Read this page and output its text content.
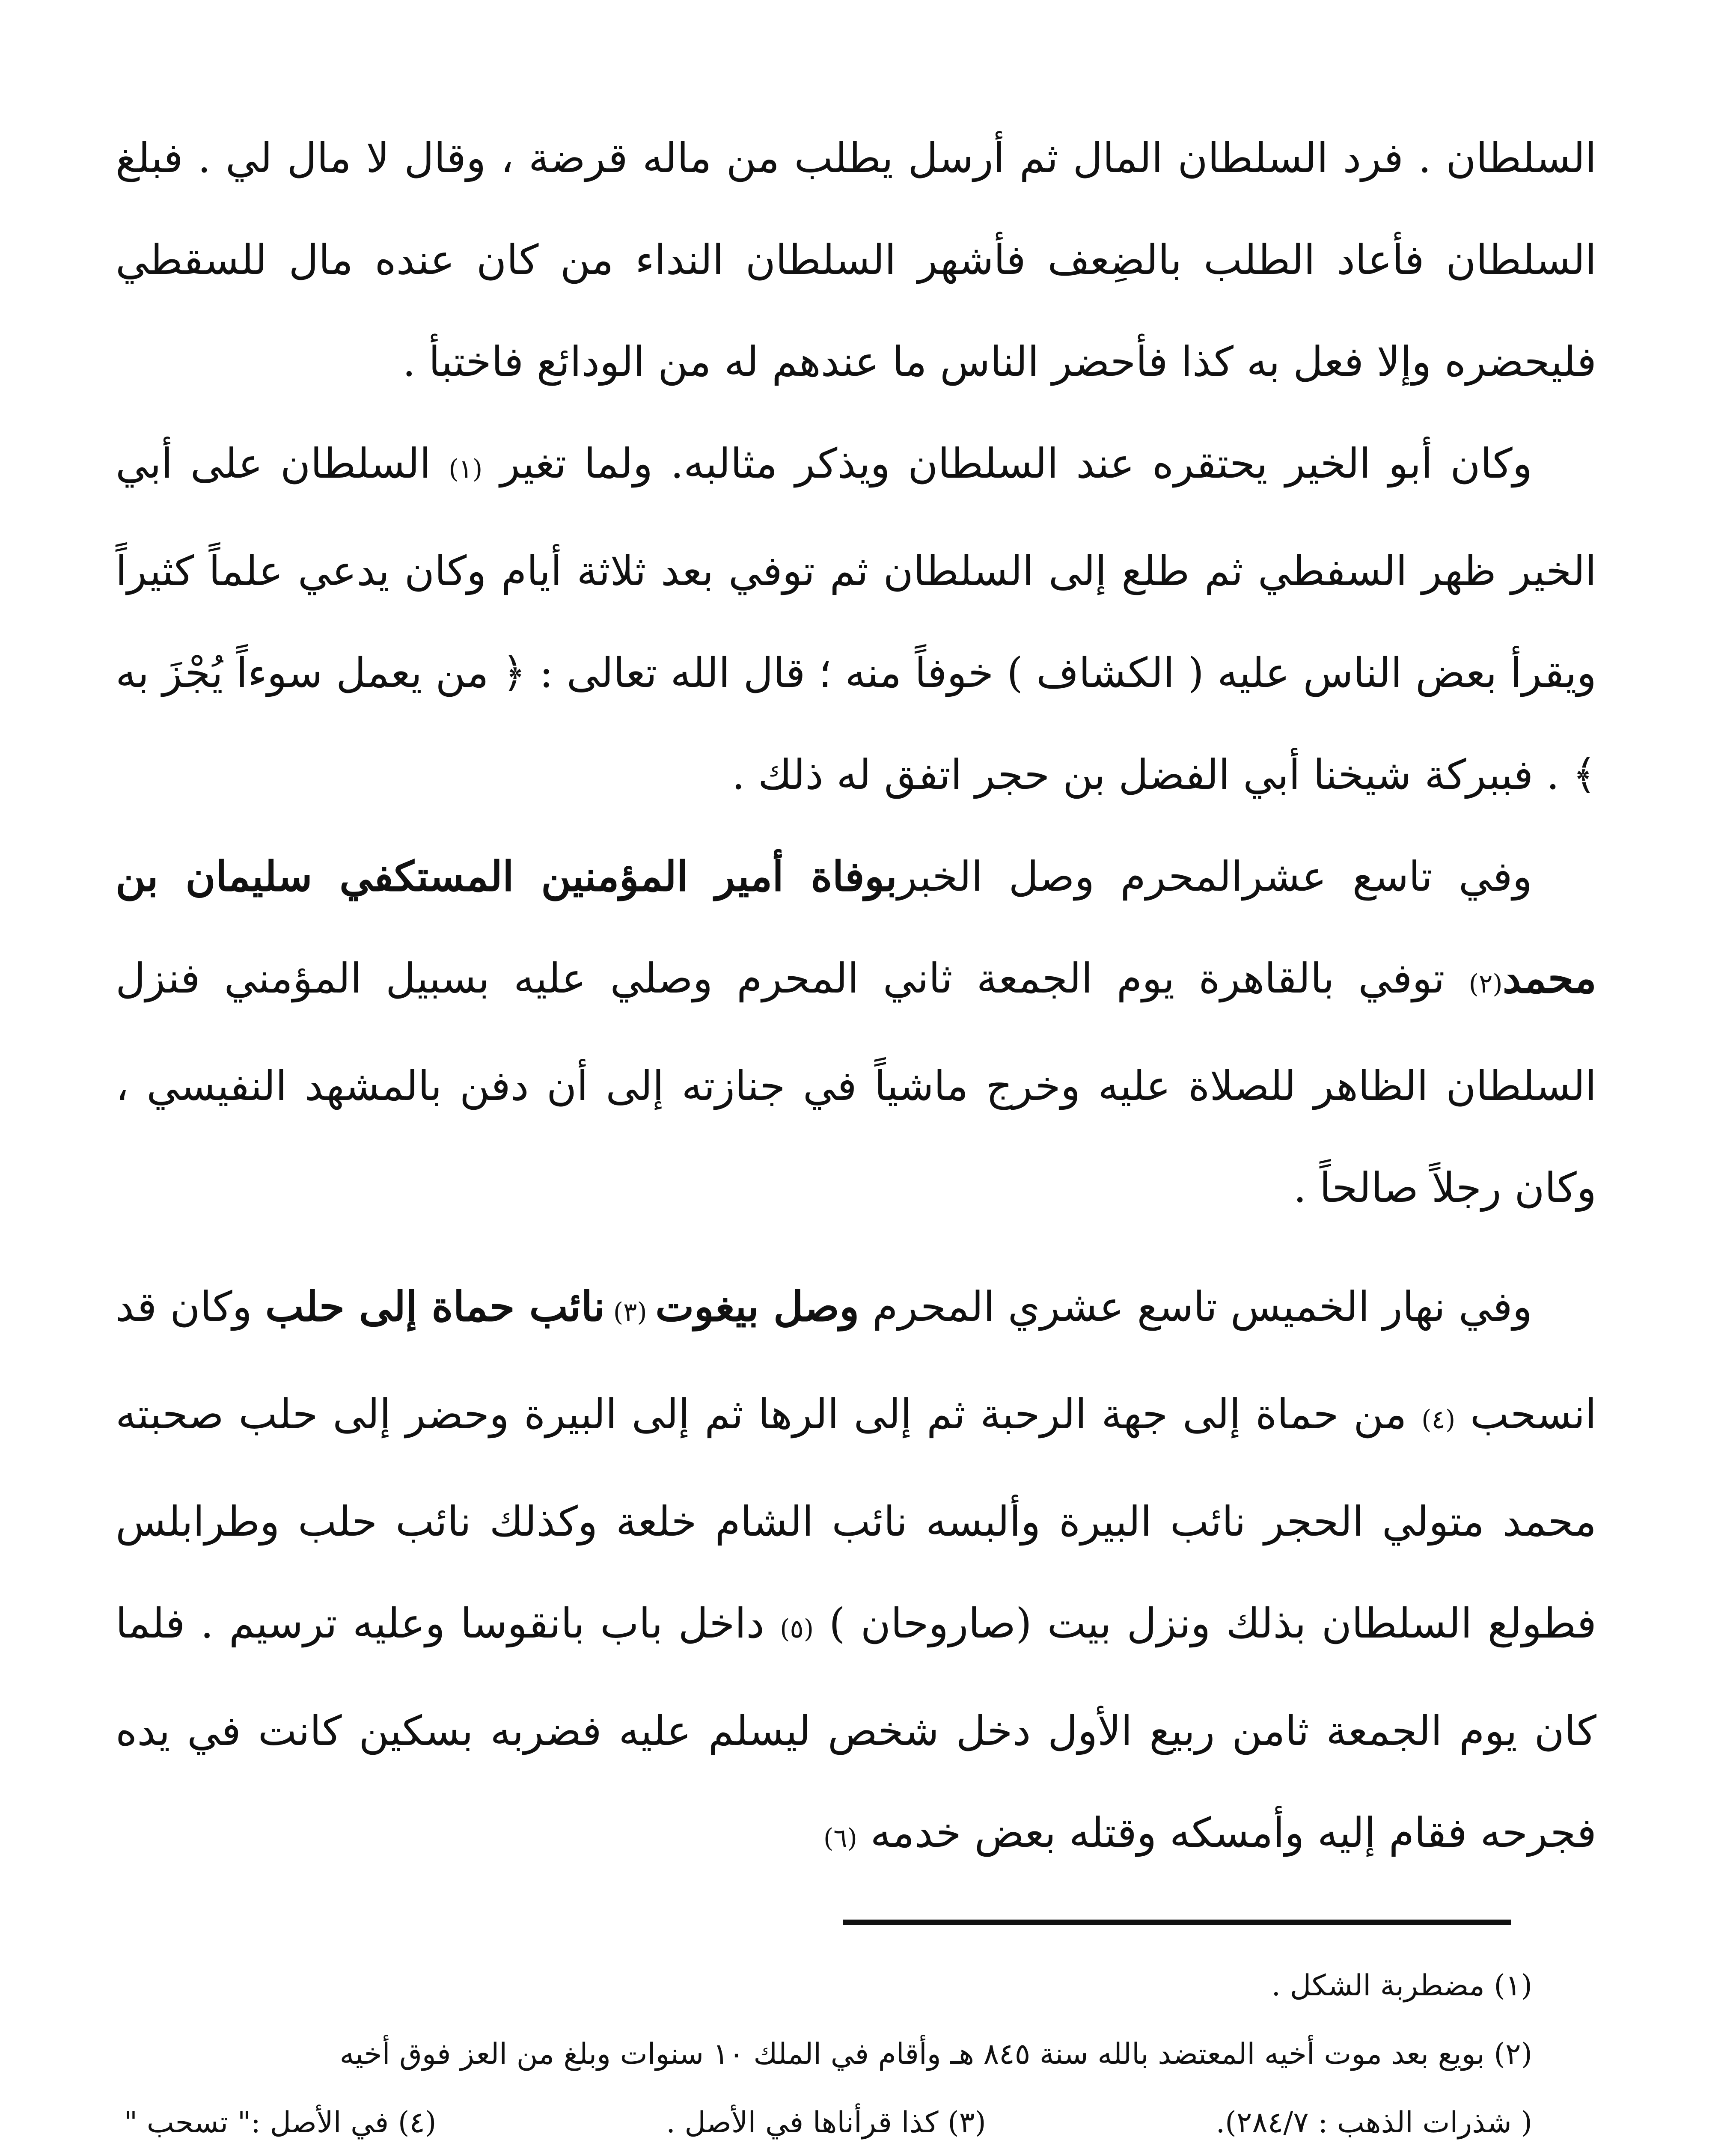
السلطان . فرد السلطان المال ثم أرسل يطلب من ماله قرضة ، وقال لا مال لي . فبلغ السلطان فأعاد الطلب بالضِعف فأشهر السلطان النداء من كان عنده مال للسقطي فليحضره وإلا فعل به كذا فأحضر الناس ما عندهم له من الودائع فاختبأ .

وكان أبو الخير يحتقره عند السلطان ويذكر مثالبه. ولما تغير (١) السلطان على أبي الخير ظهر السفطي ثم طلع إلى السلطان ثم توفي بعد ثلاثة أيام وكان يدعي علماً كثيراً ويقرأ بعض الناس عليه ( الكشاف ) خوفاً منه ؛ قال الله تعالى : ﴿ من يعمل سوءاً يُجْزَ به ﴾ . فببركة شيخنا أبي الفضل بن حجر اتفق له ذلك .

وفي تاسع عشرالمحرم وصل الخبربوفاة أمير المؤمنين المستكفي سليمان بن محمد(٢) توفي بالقاهرة يوم الجمعة ثاني المحرم وصلي عليه بسبيل المؤمني فنزل السلطان الظاهر للصلاة عليه وخرج ماشياً في جنازته إلى أن دفن بالمشهد النفيسي ، وكان رجلاً صالحاً .

وفي نهار الخميس تاسع عشري المحرم وصل بيغوت (٣) نائب حماة إلى حلب وكان قد انسحب (٤) من حماة إلى جهة الرحبة ثم إلى الرها ثم إلى البيرة وحضر إلى حلب صحبته محمد متولي الحجر نائب البيرة وألبسه نائب الشام خلعة وكذلك نائب حلب وطرابلس فطولع السلطان بذلك ونزل بيت (صاروحان ) (٥) داخل باب بانقوسا وعليه ترسيم . فلما كان يوم الجمعة ثامن ربيع الأول دخل شخص ليسلم عليه فضربه بسكين كانت في يده فجرحه فقام إليه وأمسكه وقتله بعض خدمه (٦)

(١) مضطربة الشكل .
(٢) بويع بعد موت أخيه المعتضد بالله سنة ٨٤٥ هـ وأقام في الملك ١٠ سنوات وبلغ من العز فوق أخيه
( شذرات الذهب : ٢٨٤/٧).
(٣) كذا قرأناها في الأصل .
(٤) في الأصل :" تسحب "
